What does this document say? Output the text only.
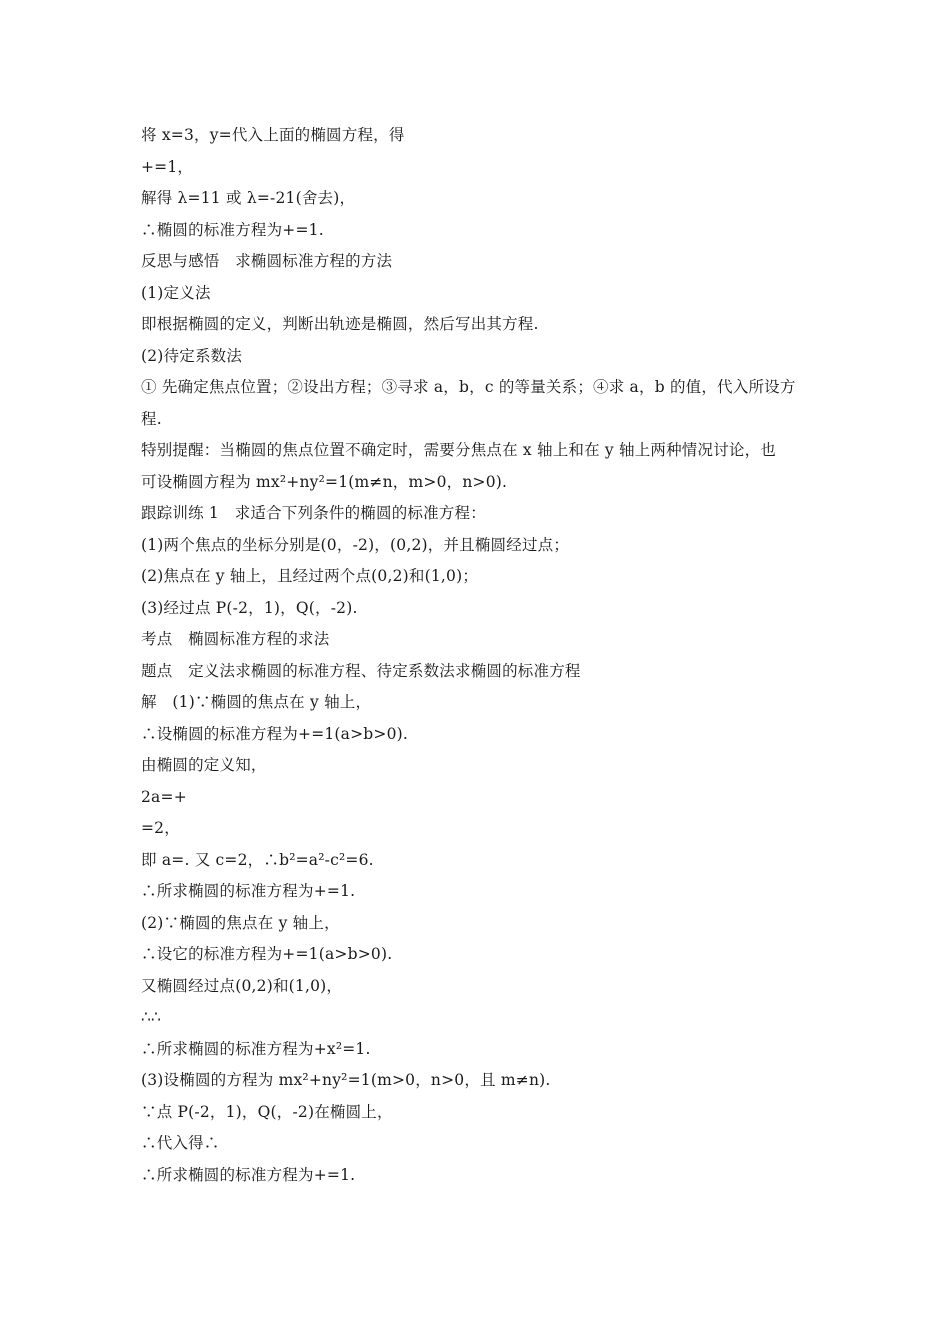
将 x=3，y=代入上面的椭圆方程，得
+=1，
解得 λ=11 或 λ=-21(舍去)，
∴椭圆的标准方程为+=1.
反思与感悟　求椭圆标准方程的方法
(1)定义法
即根据椭圆的定义，判断出轨迹是椭圆，然后写出其方程.
(2)待定系数法
① 先确定焦点位置；②设出方程；③寻求 a，b，c 的等量关系；④求 a，b 的值，代入所设方
程.
特别提醒：当椭圆的焦点位置不确定时，需要分焦点在 x 轴上和在 y 轴上两种情况讨论，也
可设椭圆方程为 mx²+ny²=1(m≠n，m>0，n>0).
跟踪训练 1　求适合下列条件的椭圆的标准方程：
(1)两个焦点的坐标分别是(0，-2)，(0,2)，并且椭圆经过点；
(2)焦点在 y 轴上，且经过两个点(0,2)和(1,0)；
(3)经过点 P(-2，1)，Q(，-2).
考点　椭圆标准方程的求法
题点　定义法求椭圆的标准方程、待定系数法求椭圆的标准方程
解　(1)∵椭圆的焦点在 y 轴上，
∴设椭圆的标准方程为+=1(a>b>0).
由椭圆的定义知，
2a=+
=2，
即 a=. 又 c=2，∴b²=a²-c²=6.
∴所求椭圆的标准方程为+=1.
(2)∵椭圆的焦点在 y 轴上，
∴设它的标准方程为+=1(a>b>0).
又椭圆经过点(0,2)和(1,0)，
∴∴
∴所求椭圆的标准方程为+x²=1.
(3)设椭圆的方程为 mx²+ny²=1(m>0，n>0，且 m≠n).
∵点 P(-2，1)，Q(，-2)在椭圆上，
∴代入得∴
∴所求椭圆的标准方程为+=1.
